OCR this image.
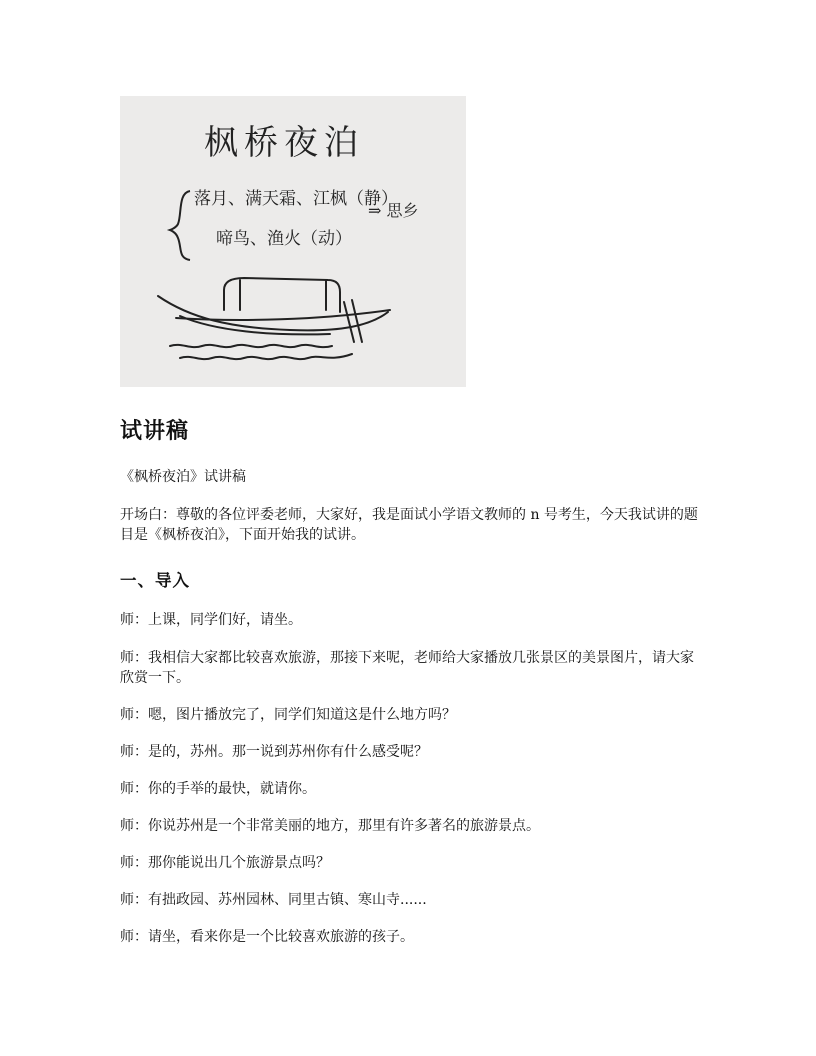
枫桥夜泊
落月、满天霜、江枫（静）
啼鸟、渔火（动）
⇒ 思乡
试讲稿
《枫桥夜泊》试讲稿
开场白：尊敬的各位评委老师，大家好，我是面试小学语文教师的 n 号考生，今天我试讲的题目是《枫桥夜泊》，下面开始我的试讲。
一、导入
师：上课，同学们好，请坐。
师：我相信大家都比较喜欢旅游，那接下来呢，老师给大家播放几张景区的美景图片，请大家欣赏一下。
师：嗯，图片播放完了，同学们知道这是什么地方吗？
师：是的，苏州。那一说到苏州你有什么感受呢？
师：你的手举的最快，就请你。
师：你说苏州是一个非常美丽的地方，那里有许多著名的旅游景点。
师：那你能说出几个旅游景点吗？
师：有拙政园、苏州园林、同里古镇、寒山寺......
师：请坐，看来你是一个比较喜欢旅游的孩子。
